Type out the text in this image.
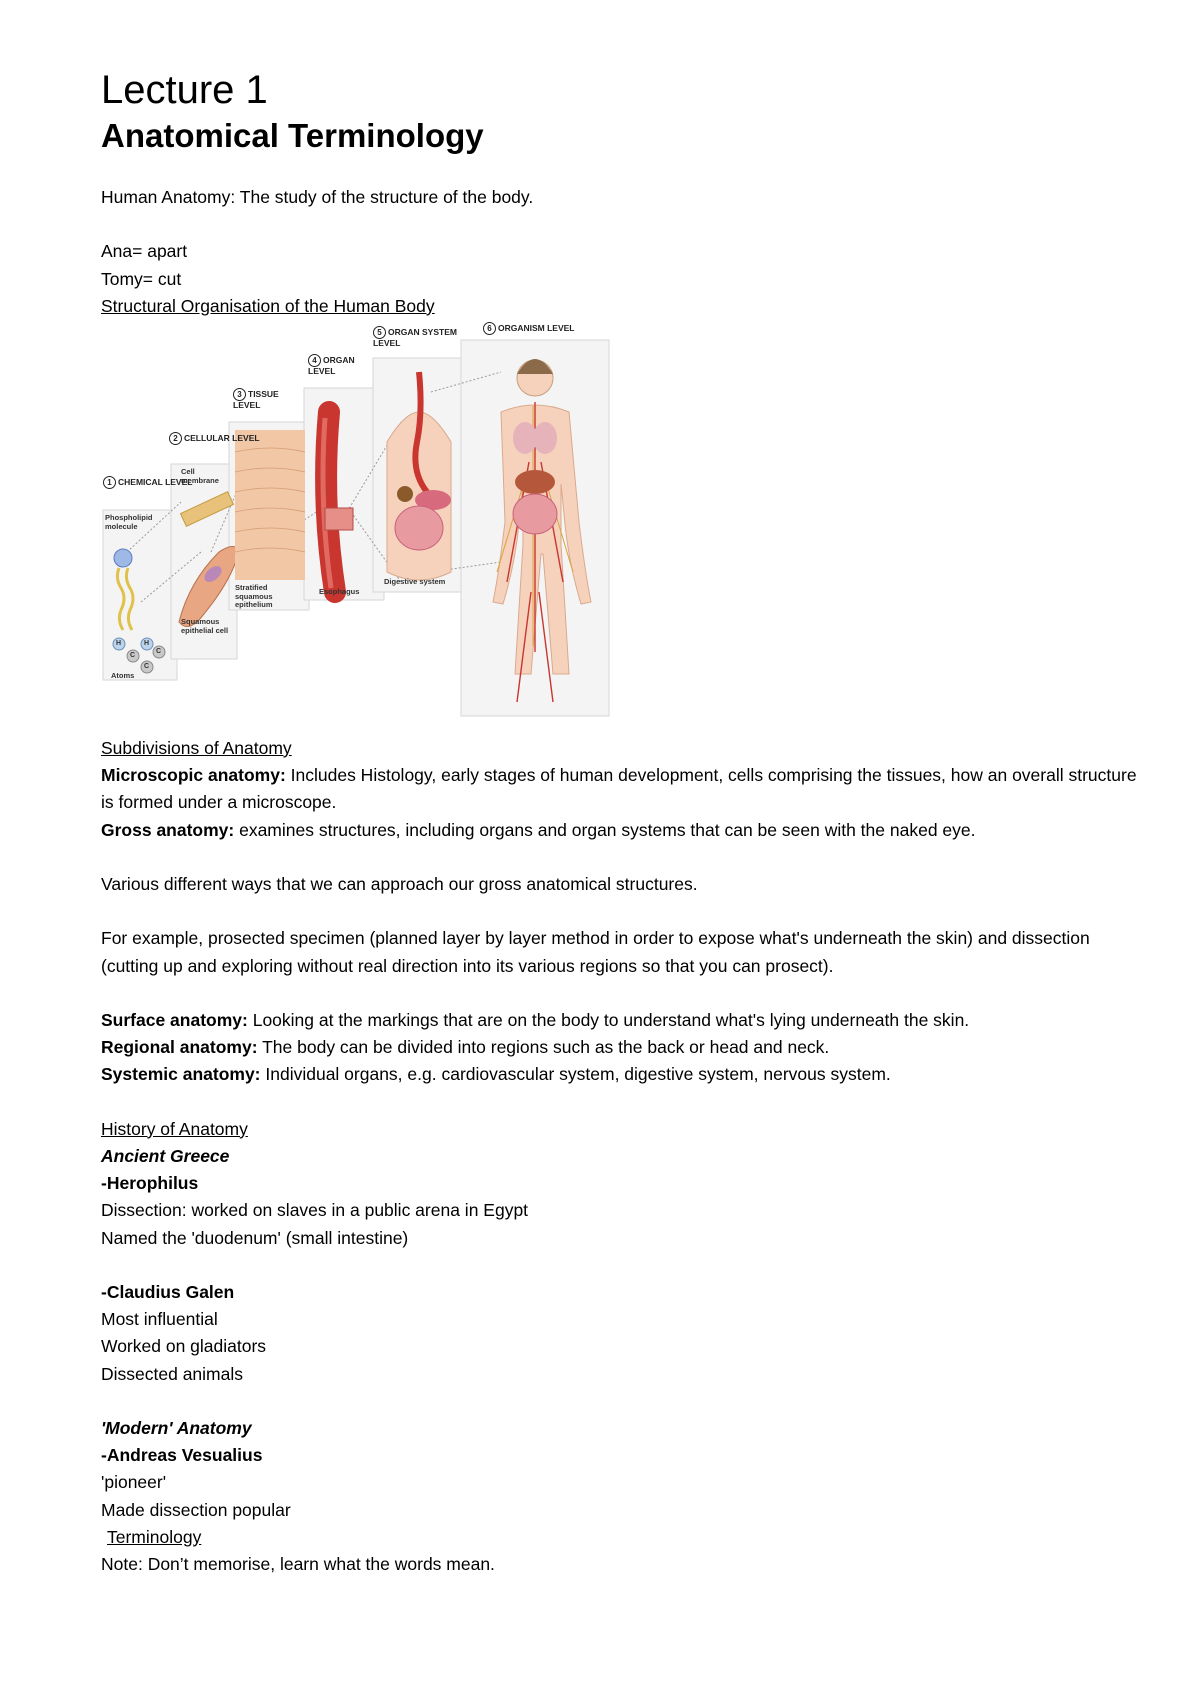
Lecture 1
Anatomical Terminology

Human Anatomy: The study of the structure of the body.

Ana= apart

Tomy= cut

Structural Organisation of the Human Body

1 CHEMICAL LEVEL
2 CELLULAR LEVEL
3 TISSUE LEVEL
4 ORGAN LEVEL
5 ORGAN SYSTEM LEVEL
6 ORGANISM LEVEL
Phospholipid molecule
Atoms
Cell membrane
Squamous epithelial cell
Stratified squamous epithelium
Esophagus
Digestive system
H	H
C
C
C

Subdivisions of Anatomy

Microscopic anatomy: Includes Histology, early stages of human development, cells comprising the tissues, how an overall structure is formed under a microscope.

Gross anatomy: examines structures, including organs and organ systems that can be seen with the naked eye.

Various different ways that we can approach our gross anatomical structures.

For example, prosected specimen (planned layer by layer method in order to expose what's underneath the skin) and dissection (cutting up and exploring without real direction into its various regions so that you can prosect).

Surface anatomy: Looking at the markings that are on the body to understand what's lying underneath the skin.

Regional anatomy: The body can be divided into regions such as the back or head and neck.

Systemic anatomy: Individual organs, e.g. cardiovascular system, digestive system, nervous system.

History of Anatomy

Ancient Greece

-Herophilus

Dissection: worked on slaves in a public arena in Egypt

Named the 'duodenum' (small intestine)

-Claudius Galen

Most influential

Worked on gladiators

Dissected animals

'Modern' Anatomy

-Andreas Vesualius

'pioneer'

Made dissection popular

Terminology

Note: Don’t memorise, learn what the words mean.
